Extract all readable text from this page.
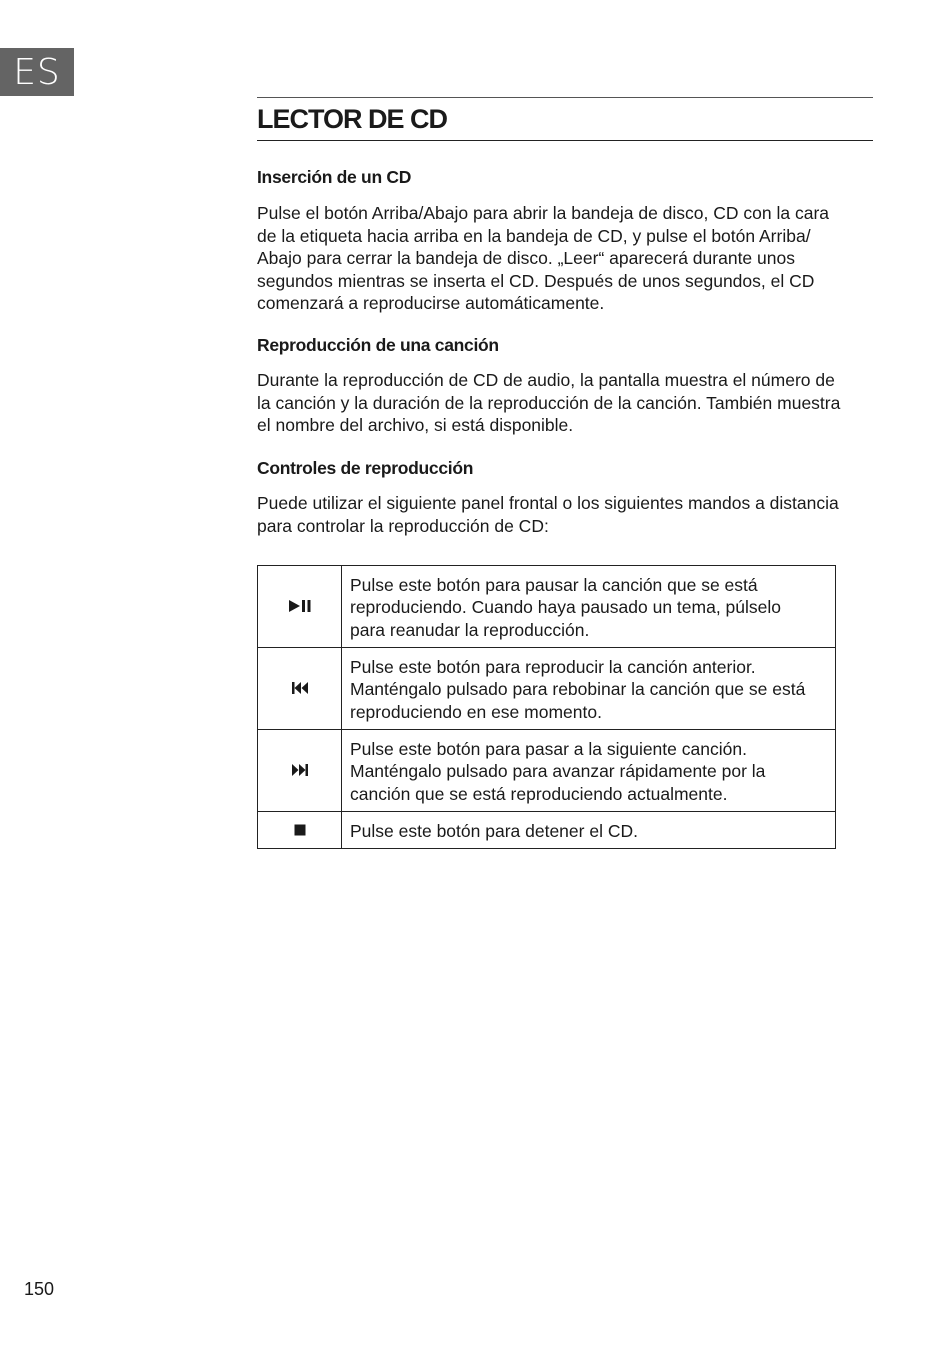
ES
LECTOR DE CD
Inserción de un CD

Pulse el botón Arriba/Abajo para abrir la bandeja de disco, CD con la cara
de la etiqueta hacia arriba en la bandeja de CD, y pulse el botón Arriba/
Abajo para cerrar la bandeja de disco. „Leer“ aparecerá durante unos
segundos mientras se inserta el CD. Después de unos segundos, el CD
comenzará a reproducirse automáticamente.

Reproducción de una canción

Durante la reproducción de CD de audio, la pantalla muestra el número de
la canción y la duración de la reproducción de la canción. También muestra
el nombre del archivo, si está disponible.

Controles de reproducción

Puede utilizar el siguiente panel frontal o los siguientes mandos a distancia
para controlar la reproducción de CD:

	Pulse este botón para pausar la canción que se está
reproduciendo. Cuando haya pausado un tema, púlselo
para reanudar la reproducción.
	Pulse este botón para reproducir la canción anterior.
Manténgalo pulsado para rebobinar la canción que se está
reproduciendo en ese momento.
	Pulse este botón para pasar a la siguiente canción.
Manténgalo pulsado para avanzar rápidamente por la
canción que se está reproduciendo actualmente.
	Pulse este botón para detener el CD.
150
